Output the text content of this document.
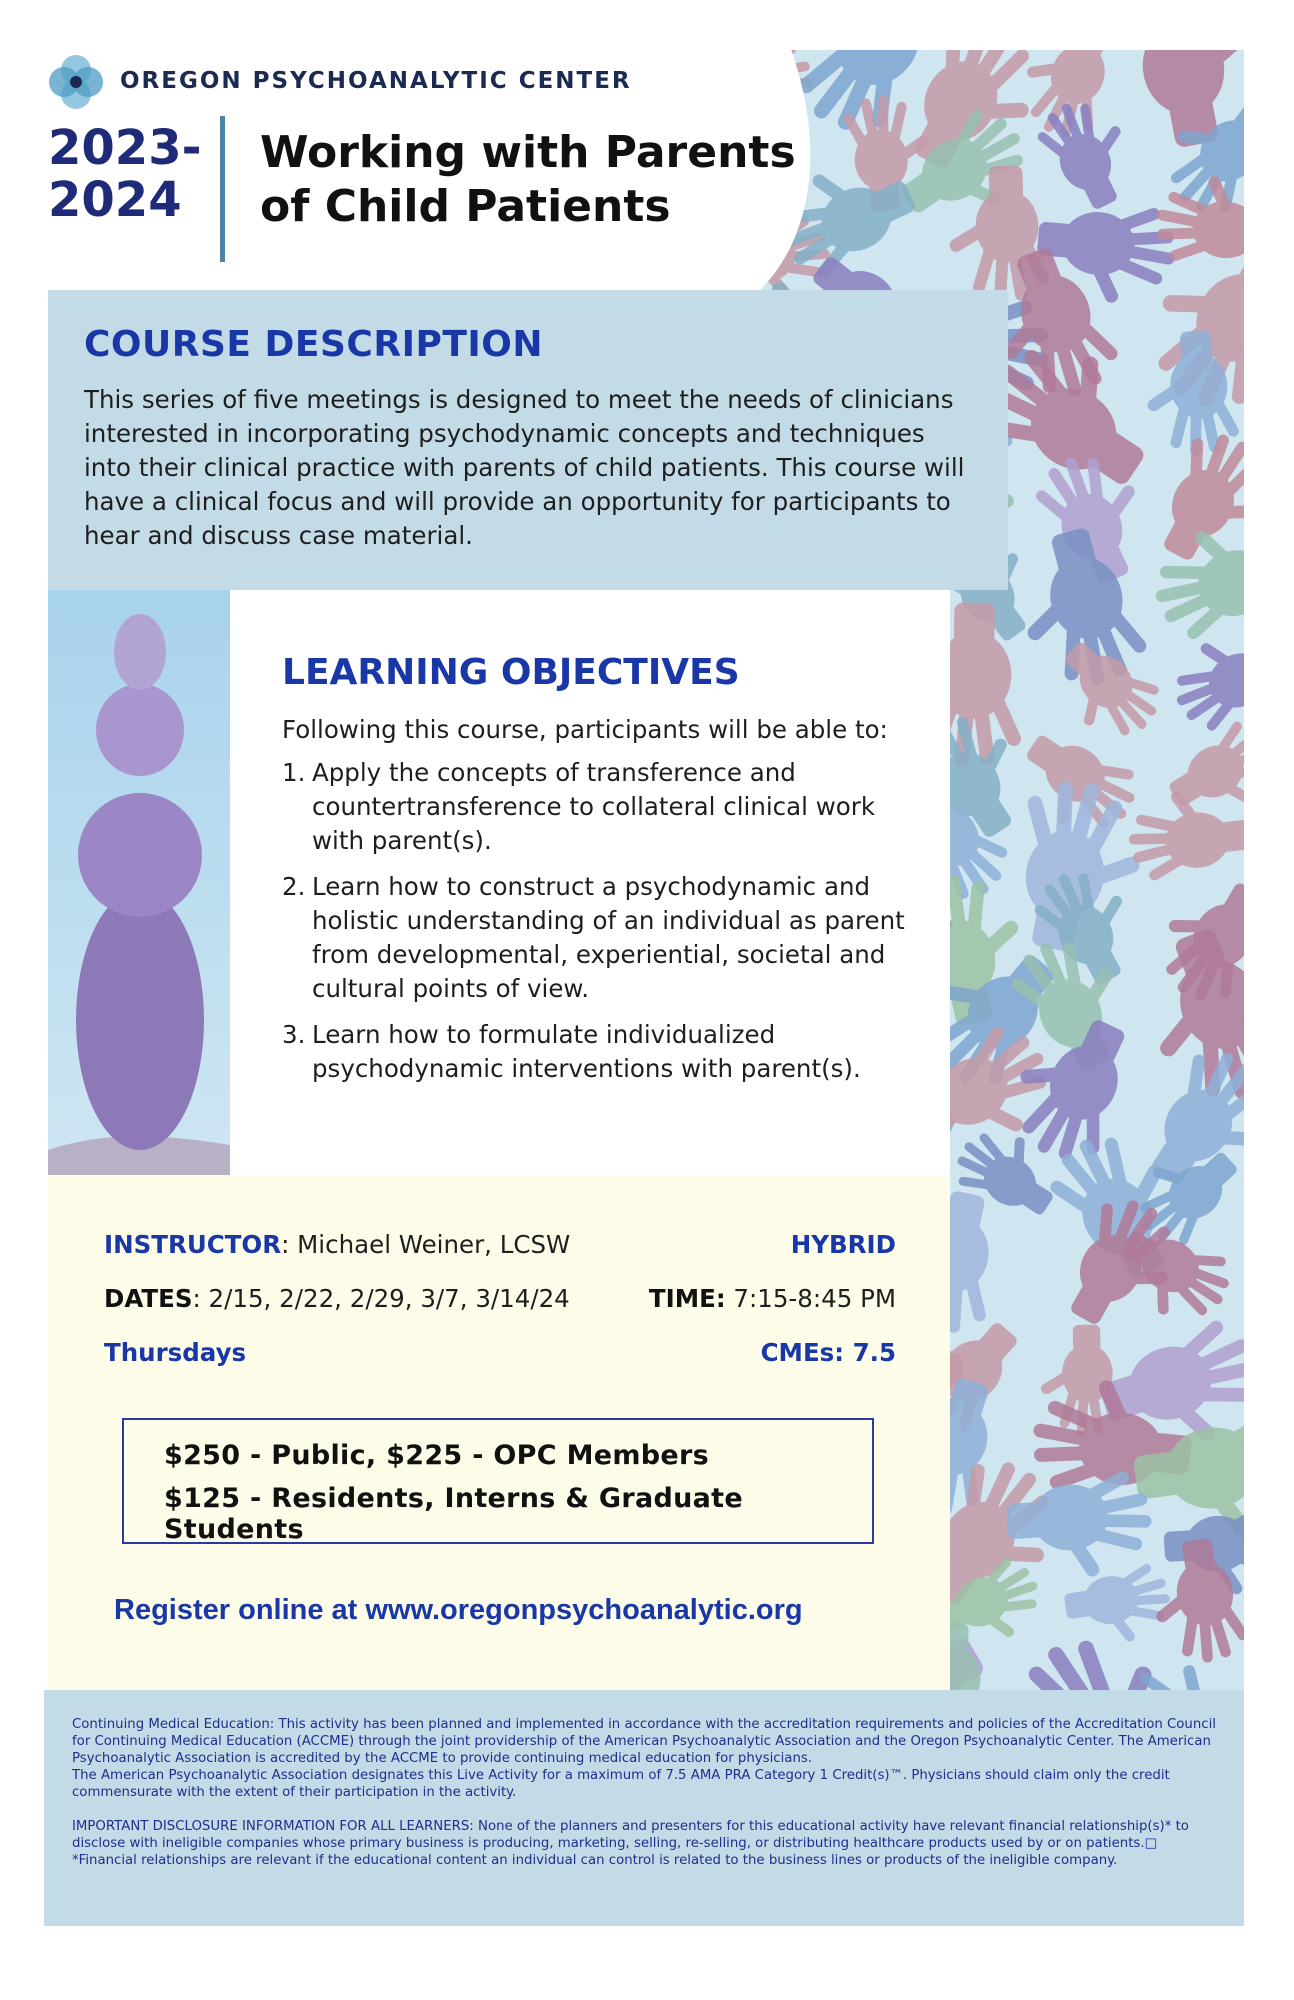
OREGON PSYCHOANALYTIC CENTER
2023-
2024
Working with Parents
of Child Patients
COURSE DESCRIPTION

This series of five meetings is designed to meet the needs of clinicians interested in incorporating psychodynamic concepts and techniques into their clinical practice with parents of child patients. This course will have a clinical focus and will provide an opportunity for participants to hear and discuss case material.

LEARNING OBJECTIVES
Following this course, participants will be able to:
1. Apply the concepts of transference and countertransference to collateral clinical work with parent(s).
2. Learn how to construct a psychodynamic and holistic understanding of an individual as parent from developmental, experiential, societal and cultural points of view.
3. Learn how to formulate individualized psychodynamic interventions with parent(s).
INSTRUCTOR: Michael Weiner, LCSW	HYBRID
DATES: 2/15, 2/22, 2/29, 3/7, 3/14/24	TIME: 7:15-8:45 PM
Thursdays	CMEs: 7.5
$250 - Public, $225 - OPC Members
$125 - Residents, Interns & Graduate Students
Register online at www.oregonpsychoanalytic.org

Continuing Medical Education: This activity has been planned and implemented in accordance with the accreditation requirements and policies of the Accreditation Council for Continuing Medical Education (ACCME) through the joint providership of the American Psychoanalytic Association and the Oregon Psychoanalytic Center. The American Psychoanalytic Association is accredited by the ACCME to provide continuing medical education for physicians.

The American Psychoanalytic Association designates this Live Activity for a maximum of 7.5 AMA PRA Category 1 Credit(s)™. Physicians should claim only the credit commensurate with the extent of their participation in the activity.

IMPORTANT DISCLOSURE INFORMATION FOR ALL LEARNERS: None of the planners and presenters for this educational activity have relevant financial relationship(s)* to disclose with ineligible companies whose primary business is producing, marketing, selling, re-selling, or distributing healthcare products used by or on patients.□

*Financial relationships are relevant if the educational content an individual can control is related to the business lines or products of the ineligible company.
